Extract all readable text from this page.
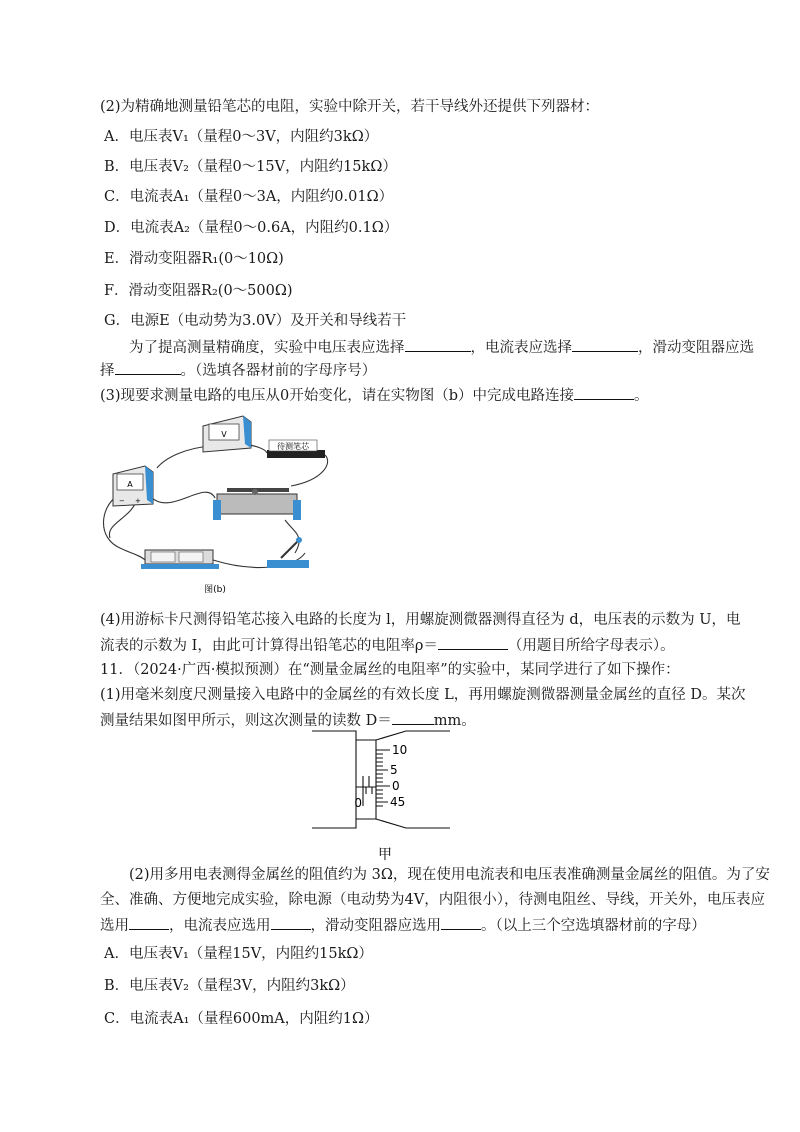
(2)为精确地测量铅笔芯的电阻，实验中除开关，若干导线外还提供下列器材：
A．电压表V₁（量程0～3V，内阻约3kΩ）
B．电压表V₂（量程0～15V，内阻约15kΩ）
C．电流表A₁（量程0～3A，内阻约0.01Ω）
D．电流表A₂（量程0～0.6A，内阻约0.1Ω）
E．滑动变阻器R₁(0～10Ω)
F．滑动变阻器R₂(0～500Ω)
G．电源E（电动势为3.0V）及开关和导线若干
为了提高测量精确度，实验中电压表应选择	，电流表应选择	，滑动变阻器应选
择	。（选填各器材前的字母序号）
(3)现要求测量电路的电压从0开始变化，请在实物图（b）中完成电路连接	。
V
待测笔芯
A
− +
图(b)
(4)用游标卡尺测得铅笔芯接入电路的长度为 l，用螺旋测微器测得直径为 d，电压表的示数为 U，电
流表的示数为 I，由此可计算得出铅笔芯的电阻率ρ＝	（用题目所给字母表示）。
11．（2024·广西·模拟预测）在“测量金属丝的电阻率”的实验中，某同学进行了如下操作：
(1)用毫米刻度尺测量接入电路中的金属丝的有效长度 L，再用螺旋测微器测量金属丝的直径 D。某次
测量结果如图甲所示，则这次测量的读数 D＝	mm。
10
5
0
45
0
甲
(2)用多用电表测得金属丝的阻值约为 3Ω，现在使用电流表和电压表准确测量金属丝的阻值。为了安
全、准确、方便地完成实验，除电源（电动势为4V，内阻很小），待测电阻丝、导线，开关外，电压表应
选用	，电流表应选用	，滑动变阻器应选用	。（以上三个空选填器材前的字母）
A．电压表V₁（量程15V，内阻约15kΩ）
B．电压表V₂（量程3V，内阻约3kΩ）
C．电流表A₁（量程600mA，内阻约1Ω）
